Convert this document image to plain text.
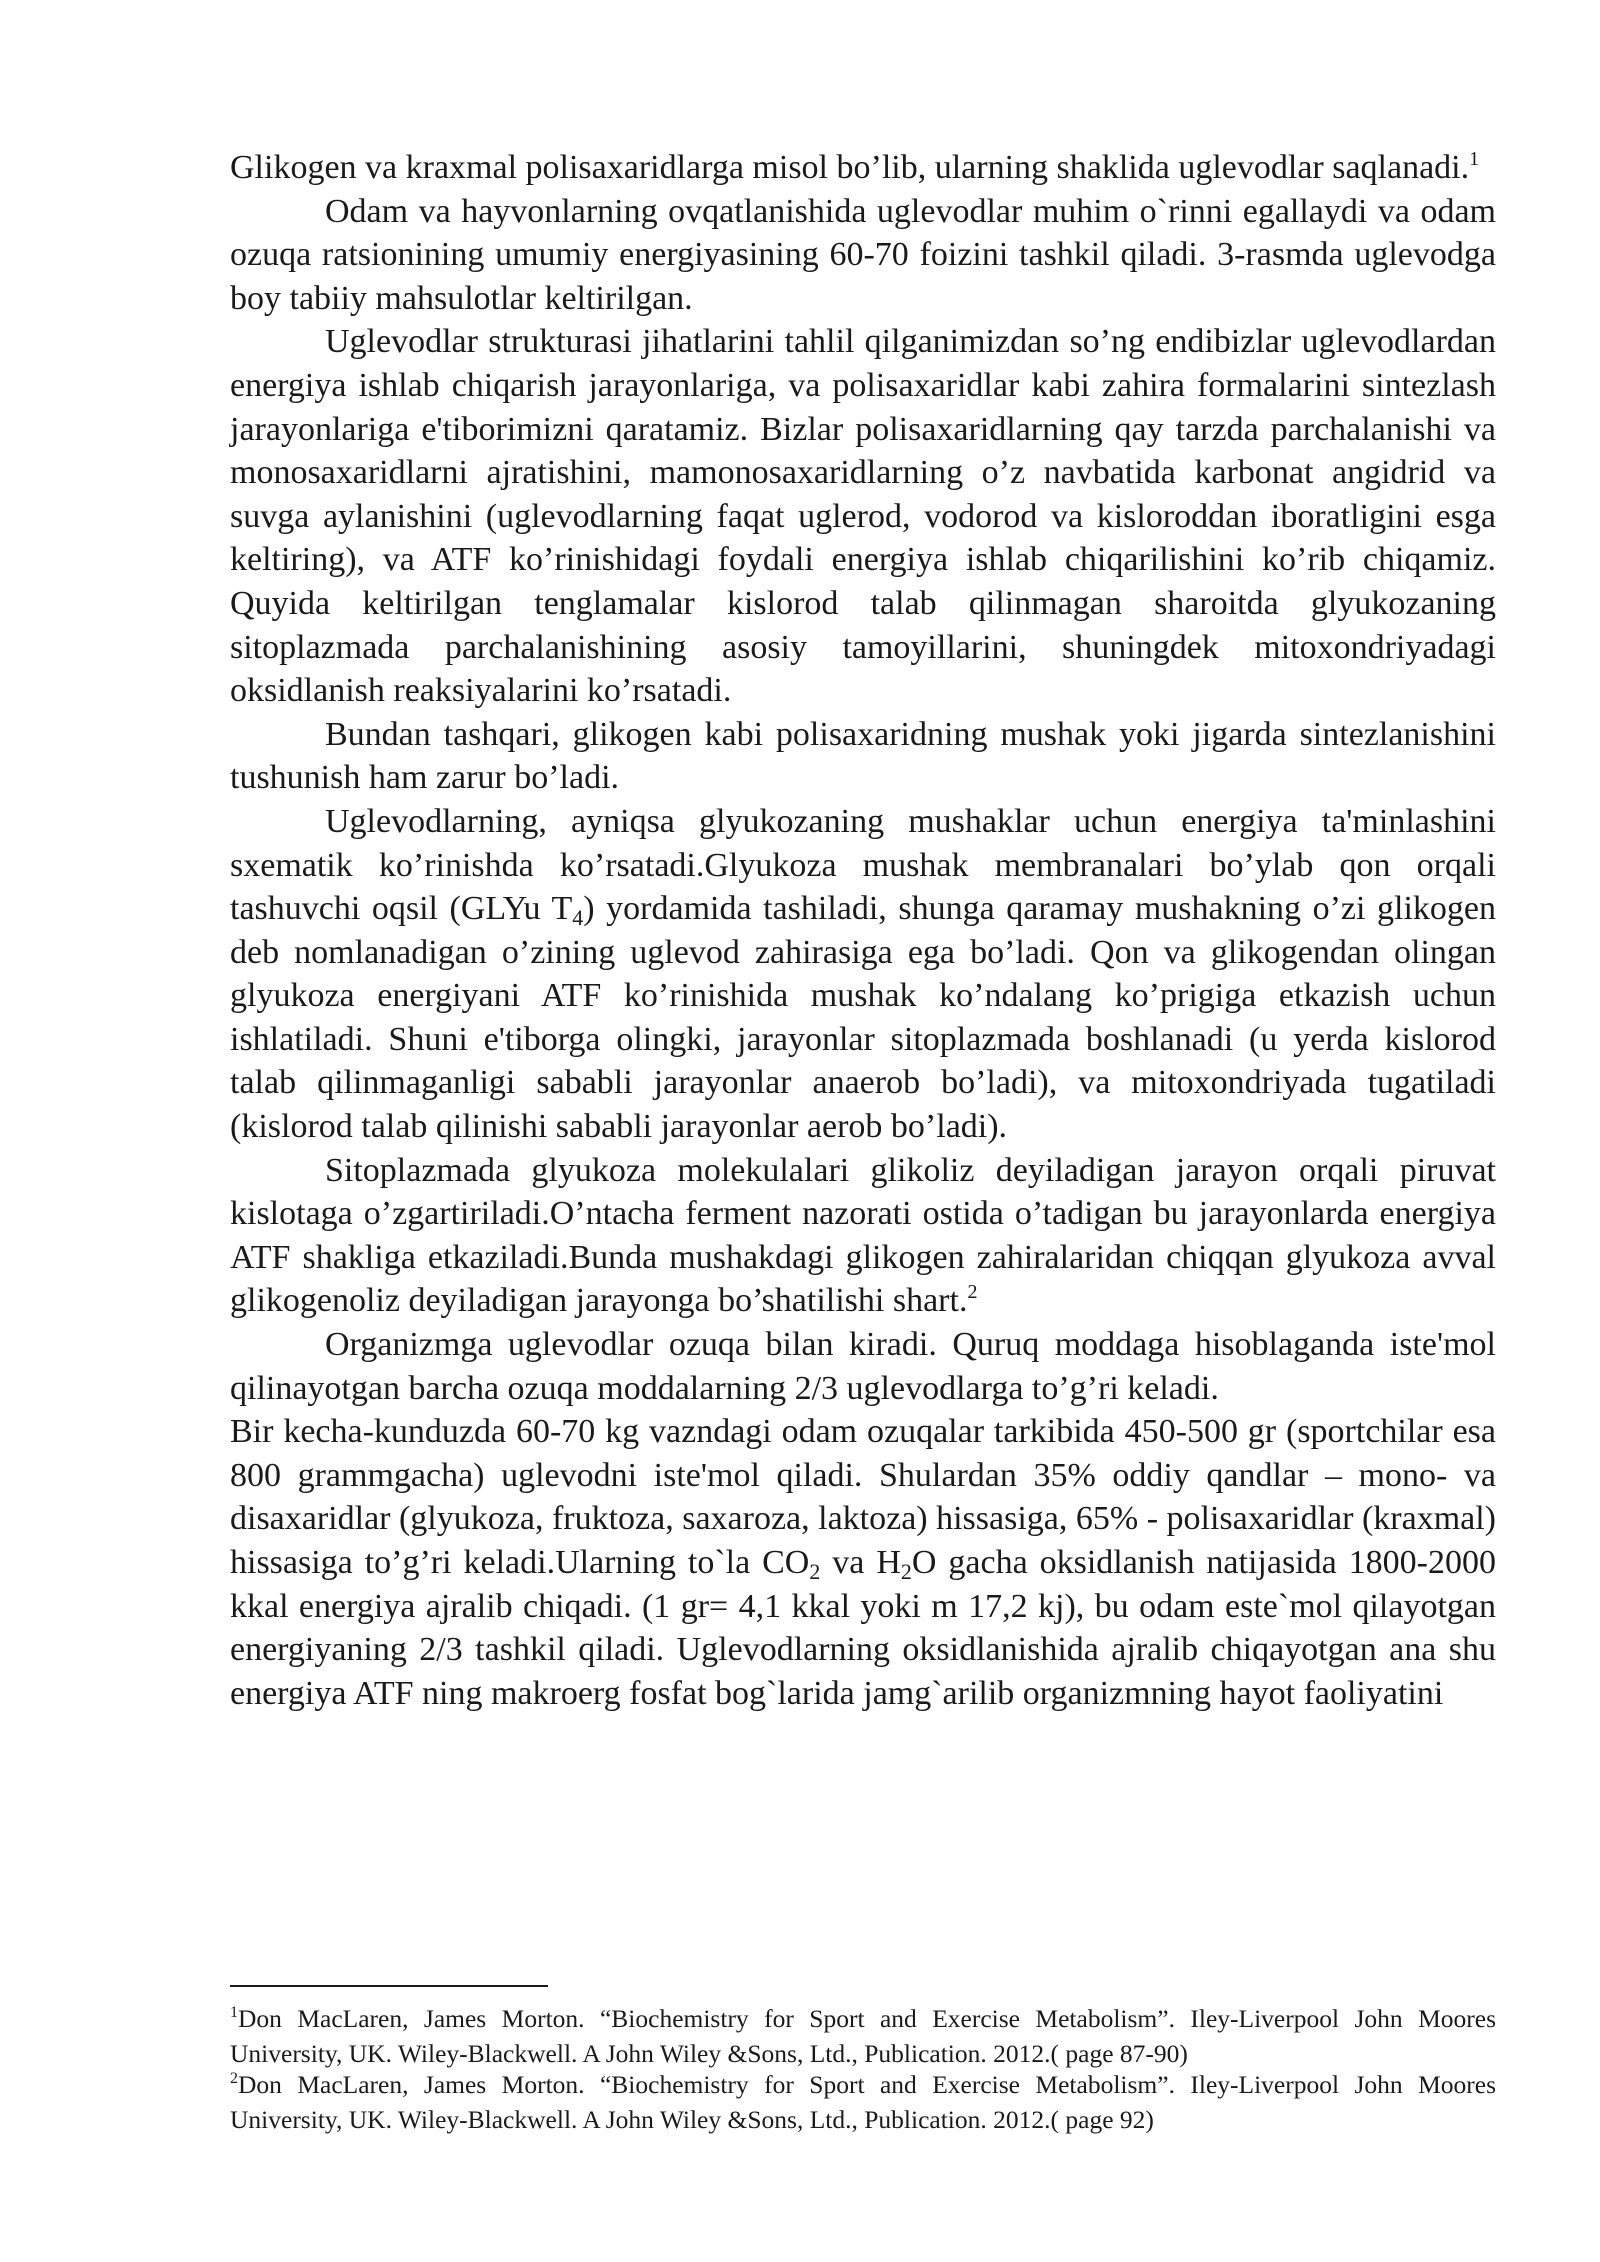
Glikogen va kraxmal polisaxaridlarga misol bo’lib, ularning shaklida uglevodlar saqlanadi.$^1$

Odam va hayvonlarning ovqatlanishida uglevodlar muhim o`rinni egallaydi va odam ozuqa ratsionining umumiy energiyasining 60-70 foizini tashkil qiladi. 3-rasmda uglevodga boy tabiiy mahsulotlar keltirilgan.

Uglevodlar strukturasi jihatlarini tahlil qilganimizdan so’ng endibizlar uglevodlardan energiya ishlab chiqarish jarayonlariga, va polisaxaridlar kabi zahira formalarini sintezlash jarayonlariga e'tiborimizni qaratamiz. Bizlar polisaxaridlarning qay tarzda parchalanishi va monosaxaridlarni ajratishini, mamonosaxaridlarning o’z navbatida karbonat angidrid va suvga aylanishini (uglevodlarning faqat uglerod, vodorod va kisloroddan iboratligini esga keltiring), va ATF ko’rinishidagi foydali energiya ishlab chiqarilishini ko’rib chiqamiz. Quyida keltirilgan tenglamalar kislorod talab qilinmagan sharoitda glyukozaning sitoplazmada parchalanishining asosiy tamoyillarini, shuningdek mitoxondriyadagi oksidlanish reaksiyalarini ko’rsatadi.

Bundan tashqari, glikogen kabi polisaxaridning mushak yoki jigarda sintezlanishini tushunish ham zarur bo’ladi.

Uglevodlarning, ayniqsa glyukozaning mushaklar uchun energiya ta'minlashini sxematik ko’rinishda ko’rsatadi.Glyukoza mushak membranalari bo’ylab qon orqali tashuvchi oqsil (GLYu $T_4$) yordamida tashiladi, shunga qaramay mushakning o’zi glikogen deb nomlanadigan o’zining uglevod zahirasiga ega bo’ladi. Qon va glikogendan olingan glyukoza energiyani ATF ko’rinishida mushak ko’ndalang ko’prigiga etkazish uchun ishlatiladi. Shuni e'tiborga olingki, jarayonlar sitoplazmada boshlanadi (u yerda kislorod talab qilinmaganligi sababli jarayonlar anaerob bo’ladi), va mitoxondriyada tugatiladi (kislorod talab qilinishi sababli jarayonlar aerob bo’ladi).

Sitoplazmada glyukoza molekulalari glikoliz deyiladigan jarayon orqali piruvat kislotaga o’zgartiriladi.O’ntacha ferment nazorati ostida o’tadigan bu jarayonlarda energiya ATF shakliga etkaziladi.Bunda mushakdagi glikogen zahiralaridan chiqqan glyukoza avval glikogenoliz deyiladigan jarayonga bo’shatilishi shart.$^2$

Organizmga uglevodlar ozuqa bilan kiradi. Quruq moddaga hisoblaganda iste'mol qilinayotgan barcha ozuqa moddalarning 2/3 uglevodlarga to’g’ri keladi.

Bir kecha-kunduzda 60-70 kg vazndagi odam ozuqalar tarkibida 450-500 gr (sportchilar esa 800 grammgacha) uglevodni iste'mol qiladi. Shulardan 35% oddiy qandlar – mono- va disaxaridlar (glyukoza, fruktoza, saxaroza, laktoza) hissasiga, 65% - polisaxaridlar (kraxmal) hissasiga to’g’ri keladi.Ularning to`la $CO_2$ va $H_2O$ gacha oksidlanish natijasida 1800-2000 kkal energiya ajralib chiqadi. (1 gr= 4,1 kkal yoki m 17,2 kj), bu odam este`mol qilayotgan energiyaning 2/3 tashkil qiladi. Uglevodlarning oksidlanishida ajralib chiqayotgan ana shu energiya ATF ning makroerg fosfat bog`larida jamg`arilib organizmning hayot faoliyatini

$^1$Don MacLaren, James Morton. “Biochemistry for Sport and Exercise Metabolism”. Iley-Liverpool John Moores University, UK. Wiley-Blackwell. A John Wiley &Sons, Ltd., Publication. 2012.( page 87-90)

$^2$Don MacLaren, James Morton. “Biochemistry for Sport and Exercise Metabolism”. Iley-Liverpool John Moores University, UK. Wiley-Blackwell. A John Wiley &Sons, Ltd., Publication. 2012.( page 92)
